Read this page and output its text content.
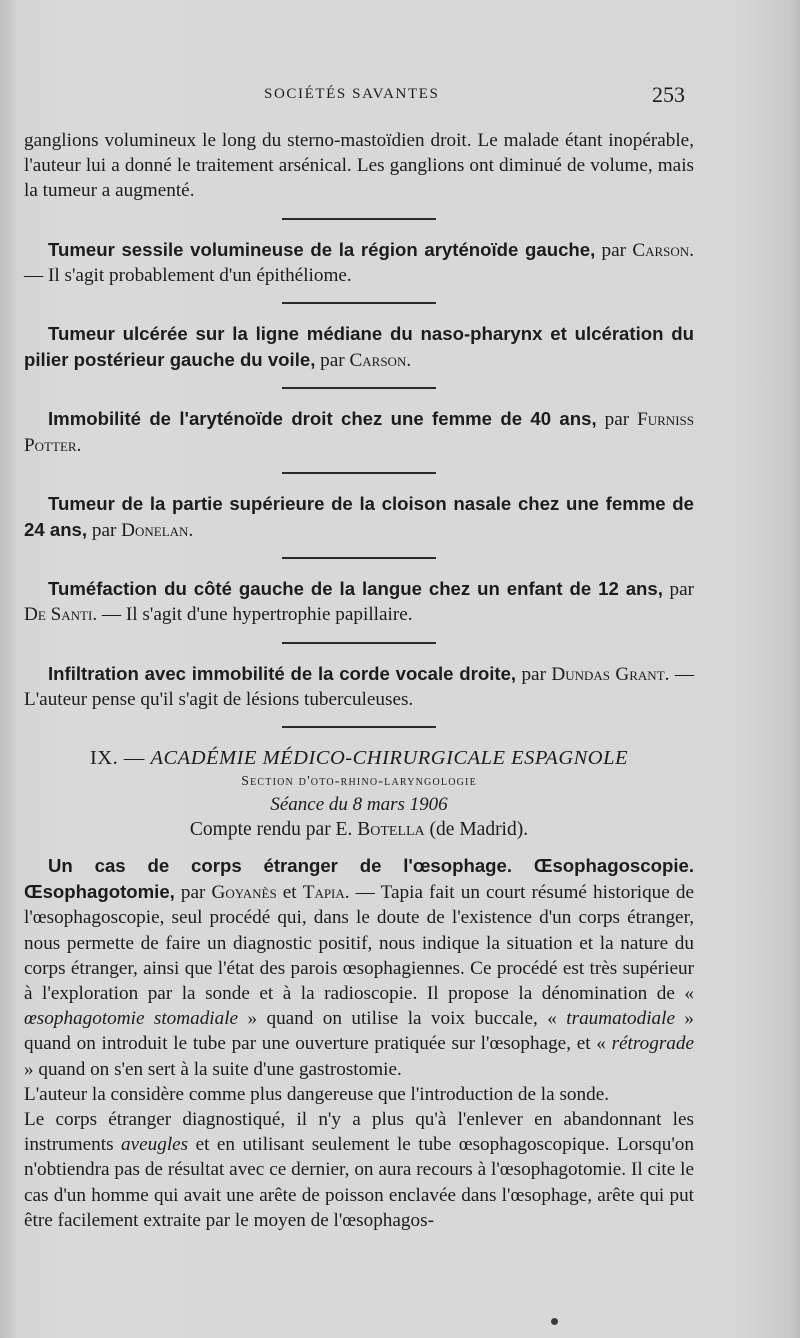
SOCIÉTÉS SAVANTES	253

ganglions volumineux le long du sterno-mastoïdien droit. Le malade étant inopérable, l'auteur lui a donné le traitement arsénical. Les ganglions ont diminué de volume, mais la tumeur a augmenté.

Tumeur sessile volumineuse de la région aryténoïde gauche, par Carson. — Il s'agit probablement d'un épithéliome.

Tumeur ulcérée sur la ligne médiane du naso-pharynx et ulcération du pilier postérieur gauche du voile, par Carson.

Immobilité de l'aryténoïde droit chez une femme de 40 ans, par Furniss Potter.

Tumeur de la partie supérieure de la cloison nasale chez une femme de 24 ans, par Donelan.

Tuméfaction du côté gauche de la langue chez un enfant de 12 ans, par De Santi. — Il s'agit d'une hypertrophie papillaire.

Infiltration avec immobilité de la corde vocale droite, par Dundas Grant. — L'auteur pense qu'il s'agit de lésions tuberculeuses.

IX. — ACADÉMIE MÉDICO-CHIRURGICALE ESPAGNOLE
Section d'oto-rhino-laryngologie
Séance du 8 mars 1906
Compte rendu par E. Botella (de Madrid).

Un cas de corps étranger de l'œsophage. Œsophagoscopie. Œsophagotomie, par Goyanès et Tapia. — Tapia fait un court résumé historique de l'œsophagoscopie, seul procédé qui, dans le doute de l'existence d'un corps étranger, nous permette de faire un diagnostic positif, nous indique la situation et la nature du corps étranger, ainsi que l'état des parois œsophagiennes. Ce procédé est très supérieur à l'exploration par la sonde et à la radioscopie. Il propose la dénomination de « œsophagotomie stomadiale » quand on utilise la voix buccale, « traumatodiale » quand on introduit le tube par une ouverture pratiquée sur l'œsophage, et « rétrograde » quand on s'en sert à la suite d'une gastrostomie.

L'auteur la considère comme plus dangereuse que l'introduction de la sonde.

Le corps étranger diagnostiqué, il n'y a plus qu'à l'enlever en abandonnant les instruments aveugles et en utilisant seulement le tube œsophagoscopique. Lorsqu'on n'obtiendra pas de résultat avec ce dernier, on aura recours à l'œsophagotomie. Il cite le cas d'un homme qui avait une arête de poisson enclavée dans l'œsophage, arête qui put être facilement extraite par le moyen de l'œsophagos-
